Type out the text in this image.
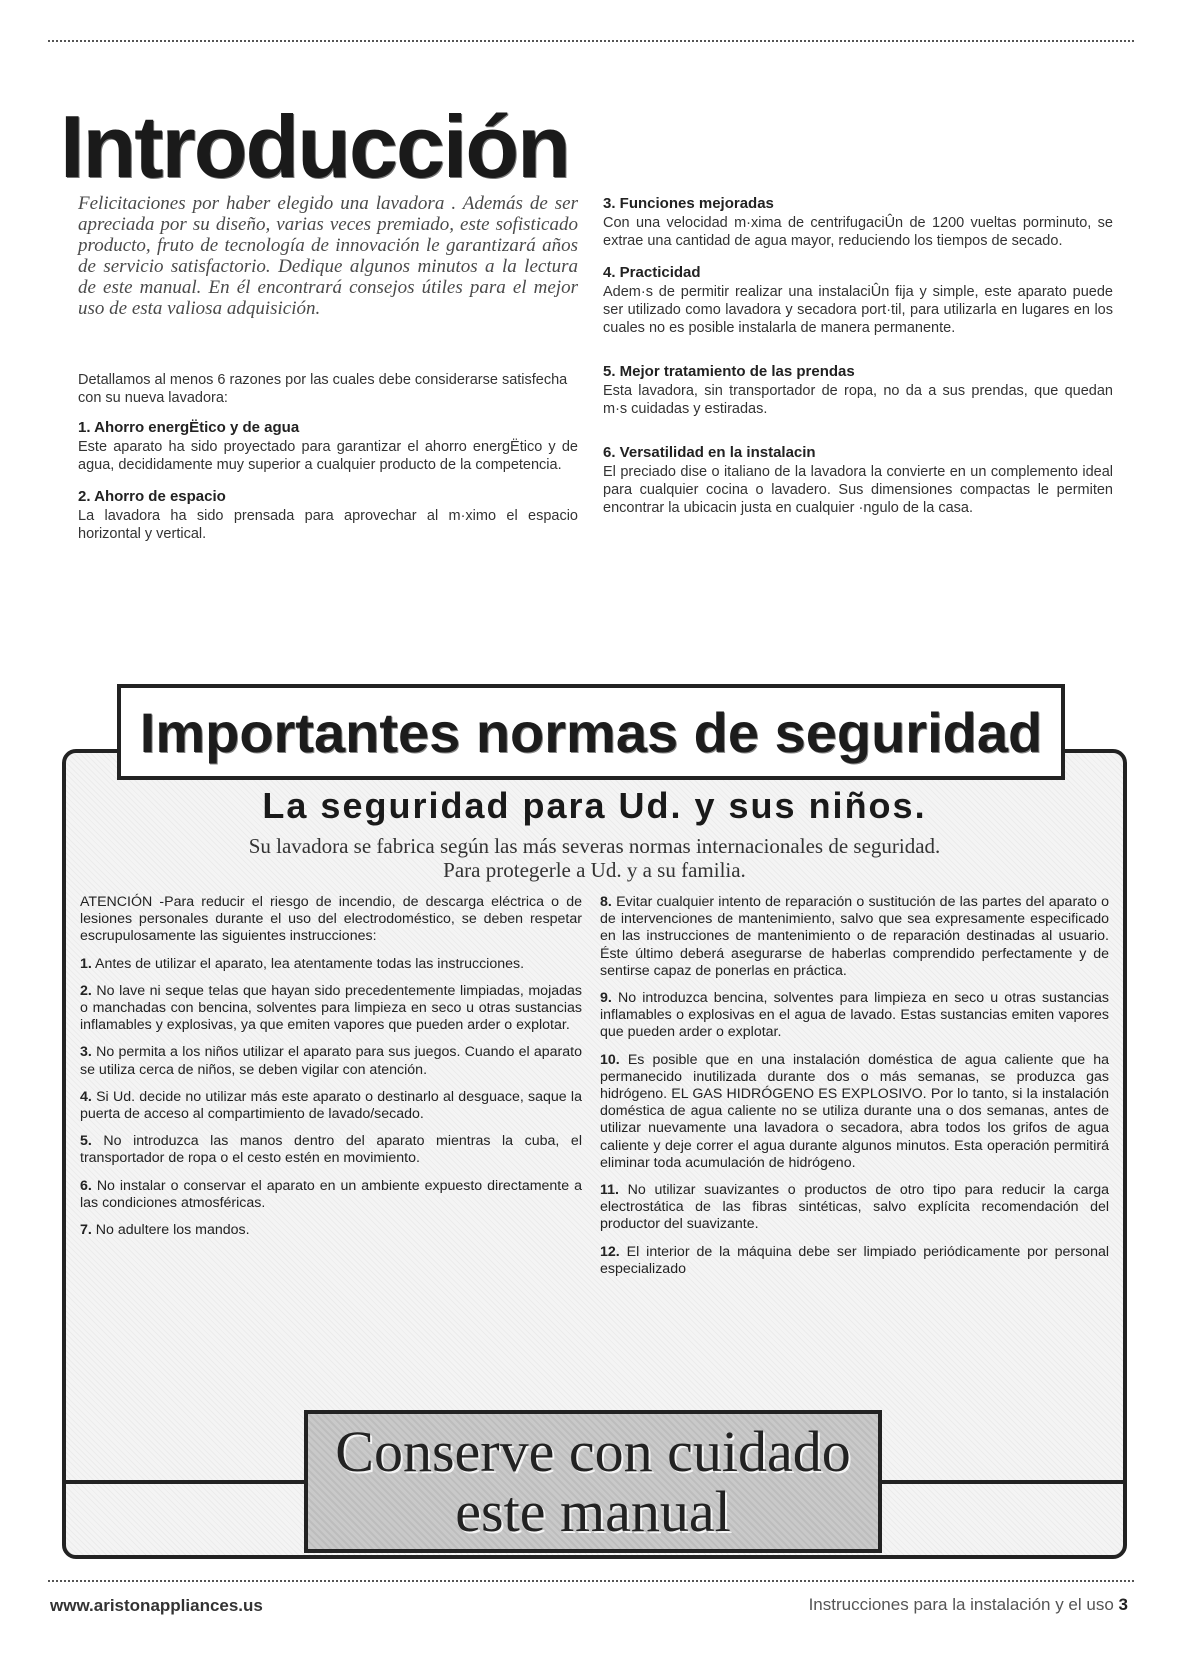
Introducción

Felicitaciones por haber elegido una lavadora . Además de ser apreciada por su diseño, varias veces premiado, este sofisticado producto, fruto de tecnología de innovación le garantizará años de servicio satisfactorio. Dedique algunos minutos a la lectura de este manual. En él encontrará consejos útiles para el mejor uso de esta valiosa adquisición.

Detallamos al menos 6 razones por las cuales debe considerarse satisfecha con su nueva lavadora:

1. Ahorro energËtico y de agua

Este aparato ha sido proyectado para garantizar el ahorro energËtico y de agua, decididamente muy superior a cualquier producto de la competencia.

2. Ahorro de espacio

La lavadora ha sido prensada para aprovechar al m·ximo el espacio horizontal y vertical.

3. Funciones mejoradas

Con una velocidad m·xima de centrifugaciÛn de 1200 vueltas porminuto, se extrae una cantidad de agua mayor, reduciendo los tiempos de secado.

4. Practicidad

Adem·s de permitir realizar una instalaciÛn fija y simple, este aparato puede ser utilizado como lavadora y secadora port·til, para utilizarla en lugares en los cuales no es posible instalarla de manera permanente.

5. Mejor tratamiento de las prendas

Esta lavadora, sin transportador de ropa, no da a sus prendas, que quedan m·s cuidadas y estiradas.

6. Versatilidad en la instalacin

El preciado dise o italiano de la lavadora la convierte en un complemento ideal para cualquier cocina o lavadero. Sus dimensiones compactas le permiten encontrar la ubicacin justa en cualquier ·ngulo de la casa.

Importantes normas de seguridad
La seguridad para Ud. y sus niños.
Su lavadora se fabrica según las más severas normas internacionales de seguridad.
Para protegerle a Ud. y a su familia.

ATENCIÓN -Para reducir el riesgo de incendio, de descarga eléctrica o de lesiones personales durante el uso del electrodoméstico, se deben respetar escrupulosamente las siguientes instrucciones:

1. Antes de utilizar el aparato, lea atentamente todas las instrucciones.

2. No lave ni seque telas que hayan sido precedentemente limpiadas, mojadas o manchadas con bencina, solventes para limpieza en seco u otras sustancias inflamables y explosivas, ya que emiten vapores que pueden arder o explotar.

3. No permita a los niños utilizar el aparato para sus juegos. Cuando el aparato se utiliza cerca de niños, se deben vigilar con atención.

4. Si Ud. decide no utilizar más este aparato o destinarlo al desguace, saque la puerta de acceso al compartimiento de lavado/secado.

5. No introduzca las manos dentro del aparato mientras la cuba, el transportador de ropa o el cesto estén en movimiento.

6. No instalar o conservar el aparato en un ambiente expuesto directamente a las condiciones atmosféricas.

7. No adultere los mandos.

8. Evitar cualquier intento de reparación o sustitución de las partes del aparato o de intervenciones de mantenimiento, salvo que sea expresamente especificado en las instrucciones de mantenimiento o de reparación destinadas al usuario. Éste último deberá asegurarse de haberlas comprendido perfectamente y de sentirse capaz de ponerlas en práctica.

9. No introduzca bencina, solventes para limpieza en seco u otras sustancias inflamables o explosivas en el agua de lavado. Estas sustancias emiten vapores que pueden arder o explotar.

10. Es posible que en una instalación doméstica de agua caliente que ha permanecido inutilizada durante dos o más semanas, se produzca gas hidrógeno. EL GAS HIDRÓGENO ES EXPLOSIVO. Por lo tanto, si la instalación doméstica de agua caliente no se utiliza durante una o dos semanas, antes de utilizar nuevamente una lavadora o secadora, abra todos los grifos de agua caliente y deje correr el agua durante algunos minutos. Esta operación permitirá eliminar toda acumulación de hidrógeno.

11. No utilizar suavizantes o productos de otro tipo para reducir la carga electrostática de las fibras sintéticas, salvo explícita recomendación del productor del suavizante.

12. El interior de la máquina debe ser limpiado periódicamente por personal especializado

Conserve con cuidado
este manual
www.aristonappliances.us	Instrucciones para la instalación y el uso 3
